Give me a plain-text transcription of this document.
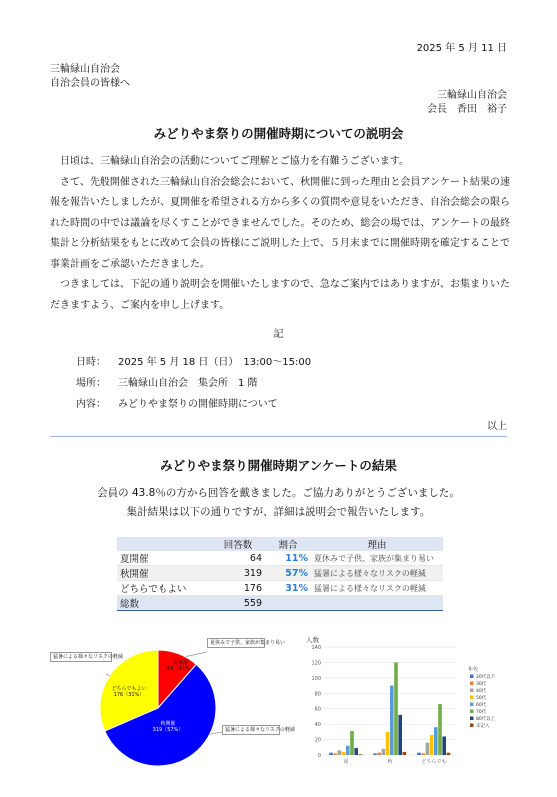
2025 年 5 月 11 日
三輪緑山自治会
自治会員の皆様へ
三輪緑山自治会
会長　香田　裕子
みどりやま祭りの開催時期についての説明会

日頃は、三輪緑山自治会の活動についてご理解とご協力を有難うございます。

さて、先般開催された三輪緑山自治会総会において、秋開催に到った理由と会員アンケート結果の速報を報告いたしましたが、夏開催を希望される方から多くの質問や意見をいただき、自治会総会の限られた時間の中では議論を尽くすことができませんでした。そのため、総会の場では、アンケートの最終集計と分析結果をもとに改めて会員の皆様にご説明した上で、５月末までに開催時期を確定することで事業計画をご承認いただきました。

つきましては、下記の通り説明会を開催いたしますので、急なご案内ではありますが、お集まりいただきますよう、ご案内を申し上げます。

記
日時： 2025 年 5 月 18 日（日）　13:00～15:00
場所： 三輪緑山自治会　集会所　1 階
内容： みどりやま祭りの開催時期について
以上
みどりやま祭り開催時期アンケートの結果
会員の 43.8％の方から回答を戴きました。ご協力ありがとうございました。
集計結果は以下の通りですが、詳細は説明会で報告いたします。
	回答数	割合	理由
夏開催	64	11%	夏休みで子供、家族が集まり易い
秋開催	319	57%	猛暑による様々なリスクの軽減
どちらでもよい	176	31%	猛暑による様々なリスクの軽減
総数	559		
猛暑による様々なリスクの軽減
夏休みで子供、家族が集まり易い
猛暑による様々なリスクの軽減
夏開催
64（11%）
秋開催
319（57%）
どちらでもよい
176（31%）
人数
0
20
40
60
80
100
120
140
夏	秋	どちらでも
年代
20代以下
30代
40代
50代
60代
70代
80代以上
未記入
